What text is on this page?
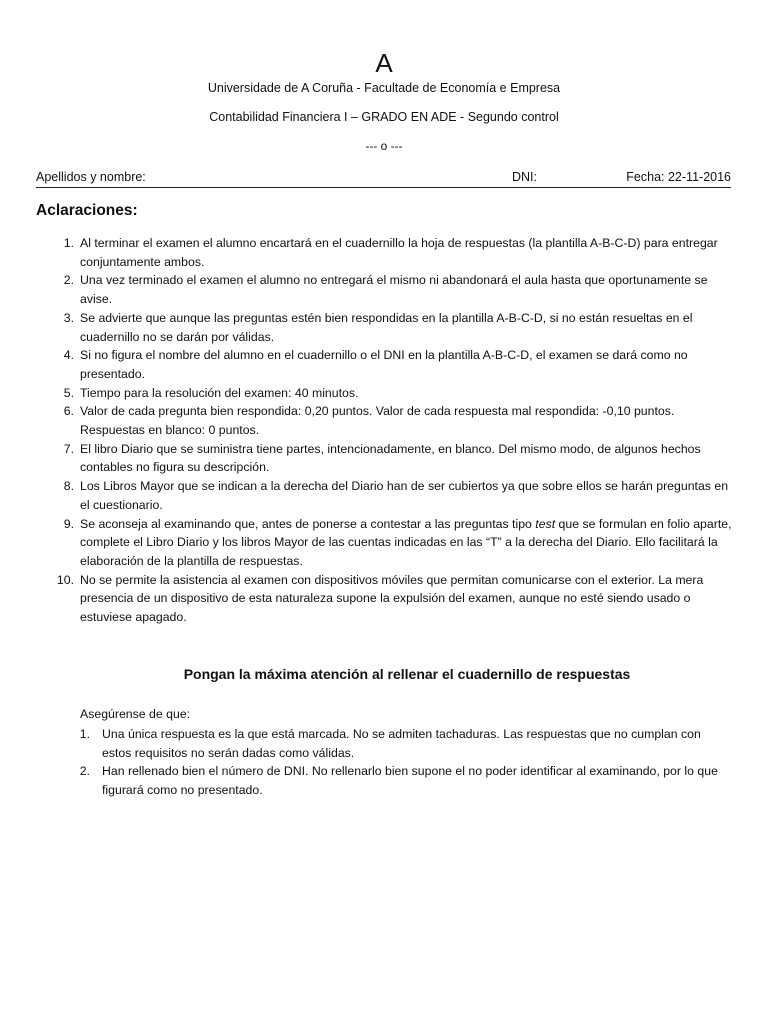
A
Universidade de A Coruña - Facultade de Economía e Empresa
Contabilidad Financiera I – GRADO EN ADE - Segundo control
--- o ---
Apellidos y nombre:	DNI:	Fecha: 22-11-2016
Aclaraciones:
1. Al terminar el examen el alumno encartará en el cuadernillo la hoja de respuestas (la plantilla A-B-C-D) para entregar conjuntamente ambos.
2. Una vez terminado el examen el alumno no entregará el mismo ni abandonará el aula hasta que oportunamente se avise.
3. Se advierte que aunque las preguntas estén bien respondidas en la plantilla A-B-C-D, si no están resueltas en el cuadernillo no se darán por válidas.
4. Si no figura el nombre del alumno en el cuadernillo o el DNI en la plantilla A-B-C-D, el examen se dará como no presentado.
5. Tiempo para la resolución del examen: 40 minutos.
6. Valor de cada pregunta bien respondida: 0,20 puntos. Valor de cada respuesta mal respondida: -0,10 puntos. Respuestas en blanco: 0 puntos.
7. El libro Diario que se suministra tiene partes, intencionadamente, en blanco. Del mismo modo, de algunos hechos contables no figura su descripción.
8. Los Libros Mayor que se indican a la derecha del Diario han de ser cubiertos ya que sobre ellos se harán preguntas en el cuestionario.
9. Se aconseja al examinando que, antes de ponerse a contestar a las preguntas tipo test que se formulan en folio aparte, complete el Libro Diario y los libros Mayor de las cuentas indicadas en las “T” a la derecha del Diario. Ello facilitará la elaboración de la plantilla de respuestas.
10. No se permite la asistencia al examen con dispositivos móviles que permitan comunicarse con el exterior. La mera presencia de un dispositivo de esta naturaleza supone la expulsión del examen, aunque no esté siendo usado o estuviese apagado.
Pongan la máxima atención al rellenar el cuadernillo de respuestas
Asegúrense de que:
1. Una única respuesta es la que está marcada. No se admiten tachaduras. Las respuestas que no cumplan con estos requisitos no serán dadas como válidas.
2. Han rellenado bien el número de DNI. No rellenarlo bien supone el no poder identificar al examinando, por lo que figurará como no presentado.
